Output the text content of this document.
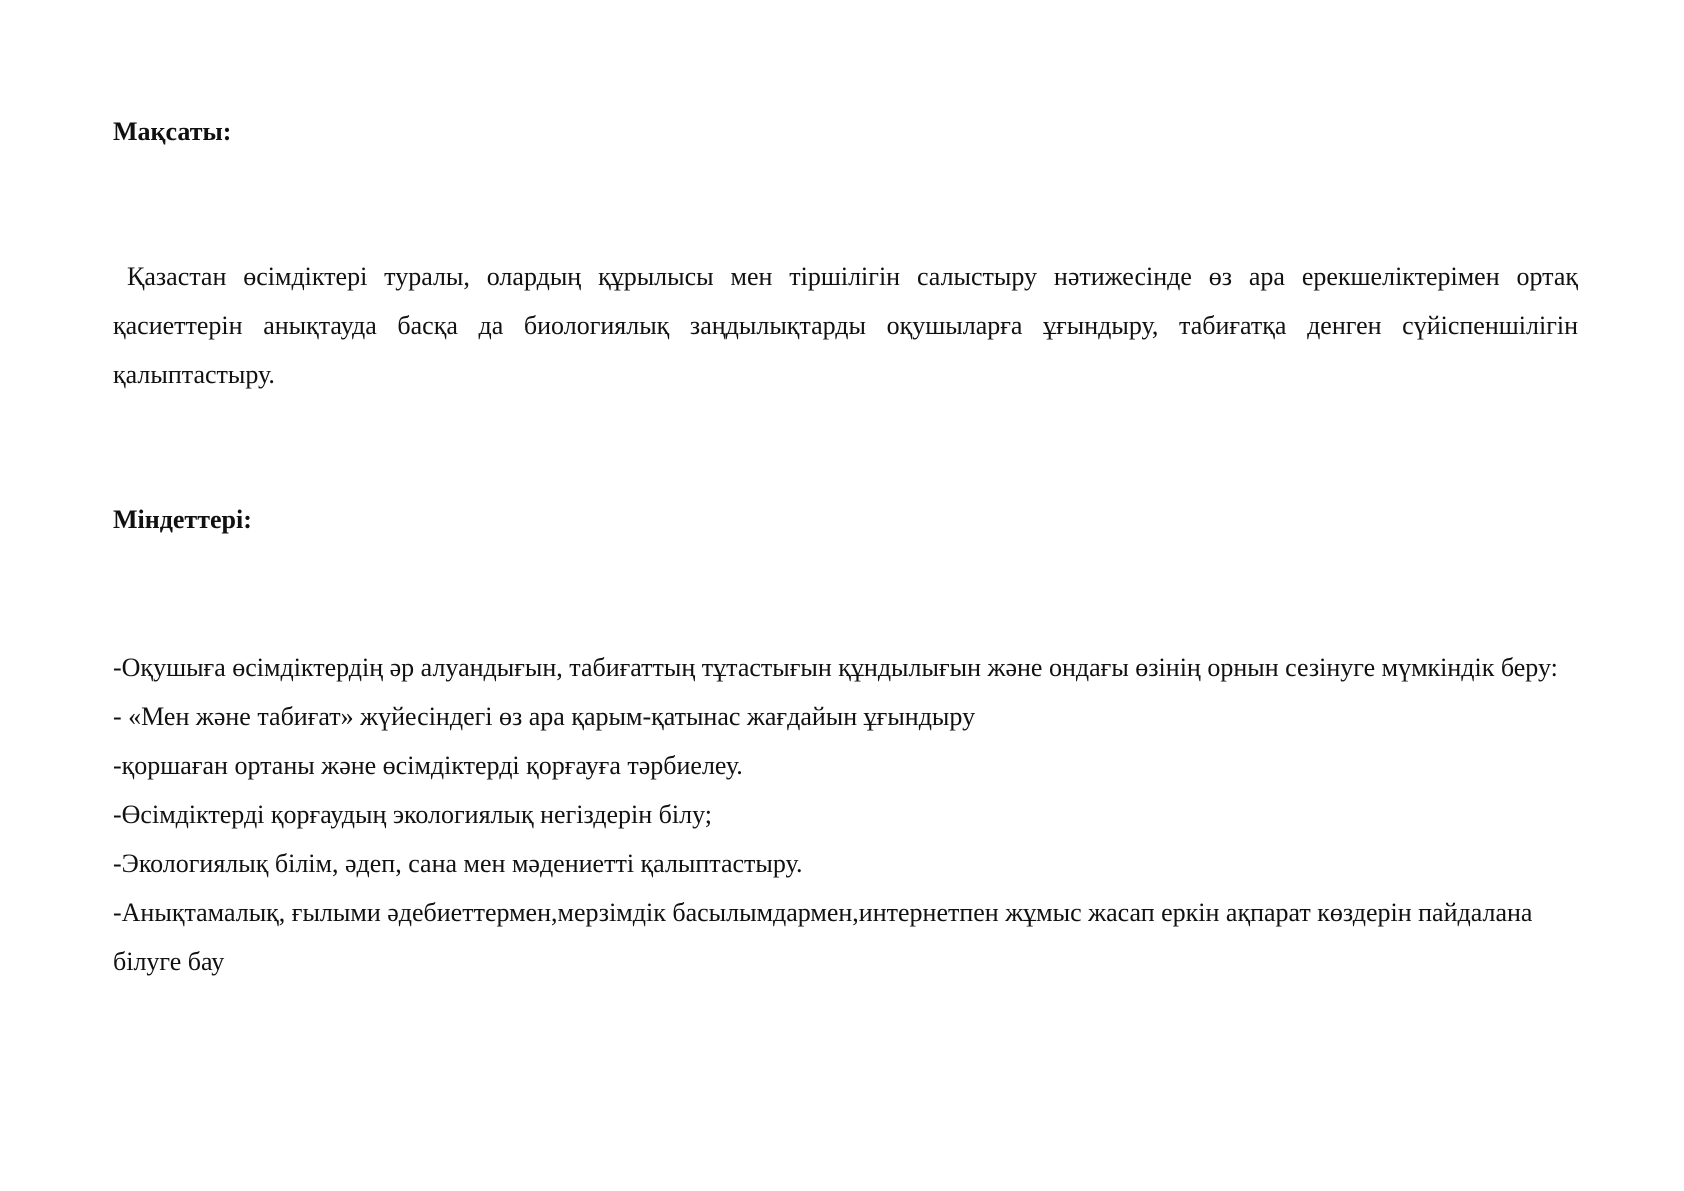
Мақсаты:

Қазастан өсімдіктері туралы, олардың құрылысы мен тіршілігін салыстыру нәтижесінде өз ара ерекшеліктерімен ортақ қасиеттерін анықтауда басқа да биологиялық заңдылықтарды оқушыларға ұғындыру, табиғатқа денген сүйіспеншілігін қалыптастыру.

Міндеттері:
-Оқушыға өсімдіктердің әр алуандығын, табиғаттың тұтастығын құндылығын және ондағы өзінің орнын сезінуге мүмкіндік беру:
- «Мен және табиғат» жүйесіндегі өз ара қарым-қатынас жағдайын ұғындыру
-қоршаған ортаны және өсімдіктерді қорғауға тәрбиелеу.
-Өсімдіктерді қорғаудың экологиялық негіздерін білу;
-Экологиялық білім, әдеп, сана мен мәдениетті қалыптастыру.
-Анықтамалық, ғылыми әдебиеттермен,мерзімдік басылымдармен,интернетпен жұмыс жасап еркін ақпарат көздерін пайдалана білуге бау
